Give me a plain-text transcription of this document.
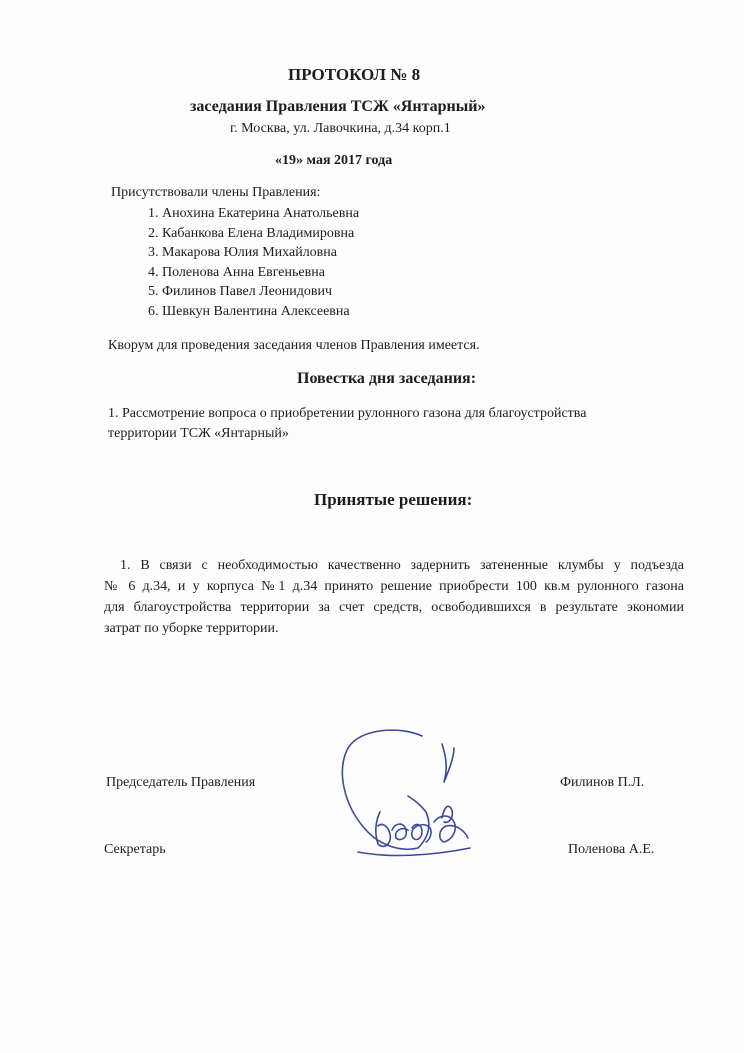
ПРОТОКОЛ № 8
заседания Правления ТСЖ «Янтарный»
г. Москва, ул. Лавочкина, д.34 корп.1
«19» мая 2017 года
Присутствовали члены Правления:
1. Анохина Екатерина Анатольевна
2. Кабанкова Елена Владимировна
3. Макарова Юлия Михайловна
4. Поленова Анна Евгеньевна
5. Филинов Павел Леонидович
6. Шевкун Валентина Алексеевна
Кворум для проведения заседания членов Правления имеется.
Повестка дня заседания:
1. Рассмотрение вопроса о приобретении рулонного газона для благоустройства
территории ТСЖ «Янтарный»
Принятые решения:
1. В связи с необходимостью качественно задернить затененные клумбы у подъезда
№ 6 д.34, и у корпуса №1 д.34 принято решение приобрести 100 кв.м рулонного газона
для благоустройства территории за счет средств, освободившихся в результате экономии
затрат по уборке территории.
Председатель Правления	Филинов П.Л.
Секретарь	Поленова А.Е.
